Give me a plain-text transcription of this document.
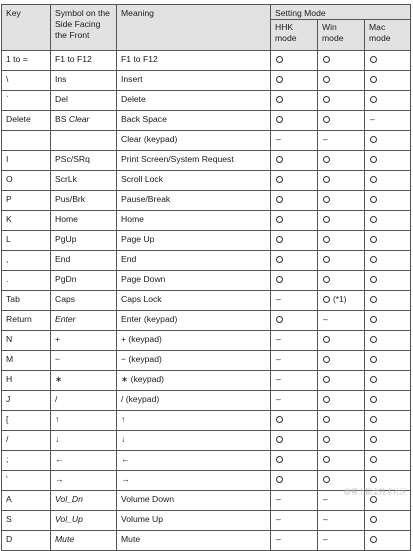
Key	Symbol on the Side Facing the Front	Meaning	Setting Mode		
			HHK mode	Win mode	Mac mode
1 to =	F1 to F12	F1 to F12			
\	Ins	Insert			
`	Del	Delete			
Delete	BS Clear	Back Space			–
		Clear (keypad)	–	–	
I	PSc/SRq	Print Screen/System Request			
O	ScrLk	Scroll Lock			
P	Pus/Brk	Pause/Break			
K	Home	Home			
L	PgUp	Page Up			
,	End	End			
.	PgDn	Page Down			
Tab	Caps	Caps Lock	–	(*1)	
Return	Enter	Enter (keypad)		–	
N	+	+ (keypad)	–		
M	−	− (keypad)	–		
H	∗	∗ (keypad)	–		
J	/	/ (keypad)	–		
[	↑	↑			
/	↓	↓			
;	←	←			
'	→	→			
A	Vol_Dn	Volume Down	–	–	
S	Vol_Up	Volume Up	–	–	
D	Mute	Mute	–	–	
@稀土掘金技术社区
